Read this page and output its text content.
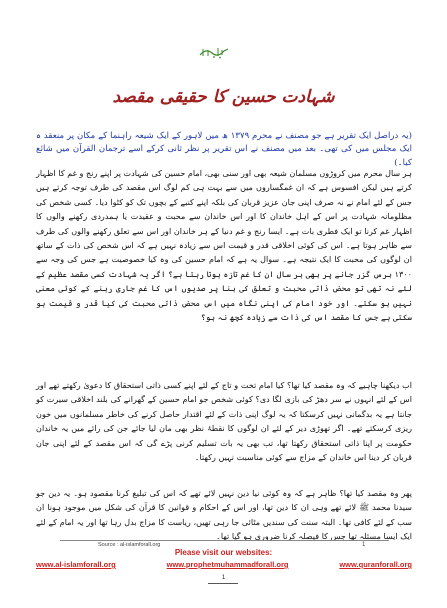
شہادت حسین کا حقیقی مقصد
(یہ دراصل ایک تقریر ہے جو مصنف نے محرم ۱۳۷۹ ھ میں لاہور کے ایک شیعہ راہنما کے مکان پر منعقد ہ ایک مجلس میں کی تھی۔ بعد میں مصنف نے اس تقریر پر نظر ثانی کرکے اسے ترجمان القرآن میں شائع کیا۔)
ہر سال محرم میں کروڑوں مسلمان شیعہ بھی اور سنی بھی، امام حسین کی شہادت پر اپنے رنج و غم کا اظہار کرتے ہیں لیکن افسوس ہے کہ ان غمگساروں میں سے بہت ہی کم لوگ اس مقصد کی طرف توجہ کرتے ہیں جس کے لئے امام نے نہ صرف اپنی جان عزیز قربان کی بلکہ اپنے کنبے کے بچوں تک کو کٹوا دیا۔ کسی شخص کی مظلومانہ شہادت پر اس کے اہل خاندان کا اور اس خاندان سے محبت و عقیدت یا ہمدردی رکھنے والوں کا اظہار غم کرنا تو ایک فطری بات ہے۔ ایسا رنج و غم دنیا کے ہر خاندان اور اس سے تعلق رکھنے والوں کی طرف سے ظاہر ہوتا ہے۔ اس کی کوئی اخلاقی قدر و قیمت اس سے زیادہ نہیں ہے کہ اس شخص کی ذات کے ساتھ ان لوگوں کی محبت کا ایک نتیجہ ہے۔ سوال یہ ہے کہ امام حسین کی وہ کیا خصوصیت ہے جس کی وجہ سے ۱۳۰۰ برس گزر جانے پر بھی ہر سال ان کا غم تازہ ہوتا رہتا ہے؟ اگر یہ شہادت کسی مقصد عظیم کے لئے نہ تھی تو محض ذاتی محبت و تعلق کی بنا پر صدیوں اس کا غم جاری رہنے کے کوئی معنی نہیں ہو سکتے۔ اور خود امام کی اپنی نگاہ میں اس محض ذاتی محبت کی کیا قدر و قیمت ہو سکتی ہے جس کا مقصد اس کی ذات سے زیادہ کچھ نہ ہو؟
اب دیکھنا چاہیے کہ وہ مقصد کیا تھا؟ کیا امام تخت و تاج کے لئے اپنے کسی ذاتی استحقاق کا دعویٰ رکھتے تھے اور اس کے لئے انہوں نے سر دھڑ کی بازی لگا دی؟ کوئی شخص جو امام حسین کے گھرانے کی بلند اخلاقی سیرت کو جانتا ہے یہ بدگمانی نہیں کرسکتا کہ یہ لوگ اپنی ذات کے لئے اقتدار حاصل کرنے کی خاطر مسلمانوں میں خون ریزی کرسکتے تھے۔ اگر تھوڑی دیر کے لئے ان لوگوں کا نقطۂ نظر بھی مان لیا جائے جن کی رائے میں یہ خاندان حکومت پر اپنا ذاتی استحقاق رکھتا تھا، تب بھی یہ بات تسلیم کرنی پڑے گی کہ اس مقصد کے لئے اپنی جان قربان کر دینا اس خاندان کے مزاج سے کوئی مناسبت نہیں رکھتا۔
پھر وہ مقصد کیا تھا؟ ظاہر ہے کہ وہ کوئی نیا دین نہیں لائے تھے کہ اس کی تبلیغ کرنا مقصود ہو۔ یہ دین جو سیدنا محمد ﷺ لائے تھے وہی ان کا دین تھا، اور اس کے احکام و قوانین کا قرآن کی شکل میں موجود ہونا ان سب کے لئے کافی تھا۔ البتہ سنت کی سندیں مٹائی جا رہی تھیں، ریاست کا مزاج بدل رہا تھا اور یہ امام کے لئے ایک ایسا مسئلہ تھا جس کا فیصلہ کرنا ضروری ہو گیا تھا۔
Source : al-islamforall.org	1
Please visit our websites:
www.al-islamforall.org	www.prophetmuhammadforall.org	www.quranforall.org
1
